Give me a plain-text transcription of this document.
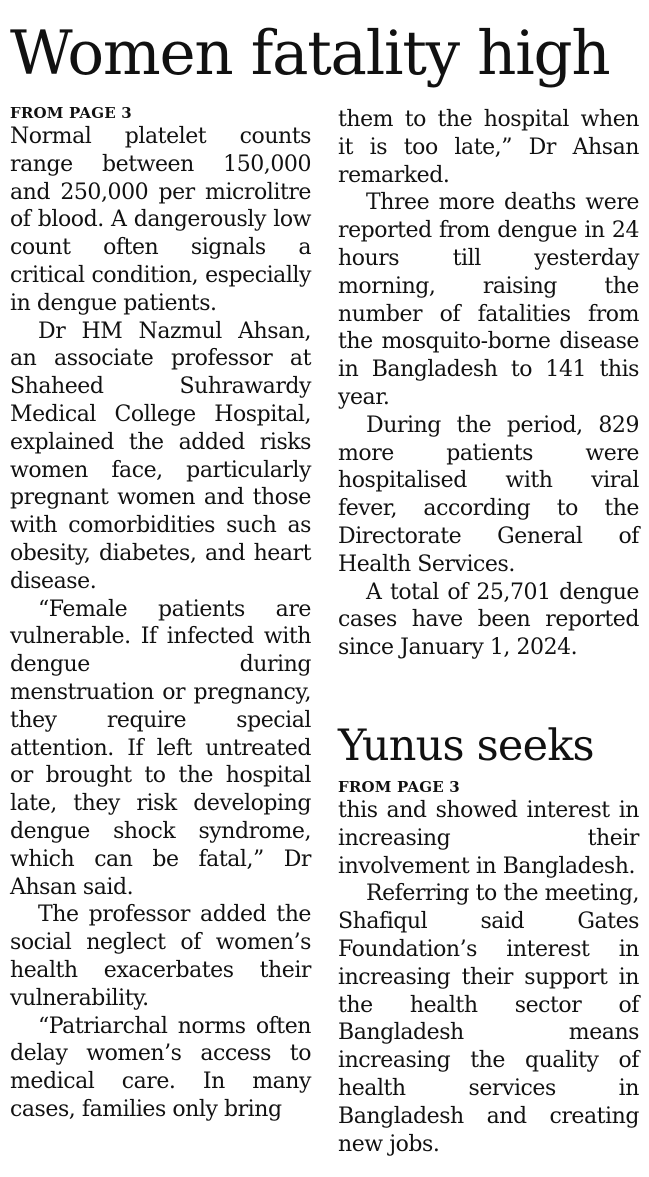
Women fatality high
FROM PAGE 3

Normal platelet counts range between 150,000 and 250,000 per microlitre of blood. A dangerously low count often signals a critical condition, especially in dengue patients.

Dr HM Nazmul Ahsan, an associate professor at Shaheed Suhrawardy Medical College Hospital, explained the added risks women face, particularly pregnant women and those with comorbidities such as obesity, diabetes, and heart disease.

“Female patients are vulnerable. If infected with dengue during menstruation or pregnancy, they require special attention. If left untreated or brought to the hospital late, they risk developing dengue shock syndrome, which can be fatal,” Dr Ahsan said.

The professor added the social neglect of women’s health exacerbates their vulnerability.

“Patriarchal norms often delay women’s access to medical care. In many cases, families only bring

them to the hospital when it is too late,” Dr Ahsan remarked.

Three more deaths were reported from dengue in 24 hours till yesterday morning, raising the number of fatalities from the mosquito-borne disease in Bangladesh to 141 this year.

During the period, 829 more patients were hospitalised with viral fever, according to the Directorate General of Health Services.

A total of 25,701 dengue cases have been reported since January 1, 2024.

Yunus seeks
FROM PAGE 3

this and showed interest in increasing their involvement in Bangladesh.

Referring to the meeting, Shafiqul said Gates Foundation’s interest in increasing their support in the health sector of Bangladesh means increasing the quality of health services in Bangladesh and creating new jobs.
